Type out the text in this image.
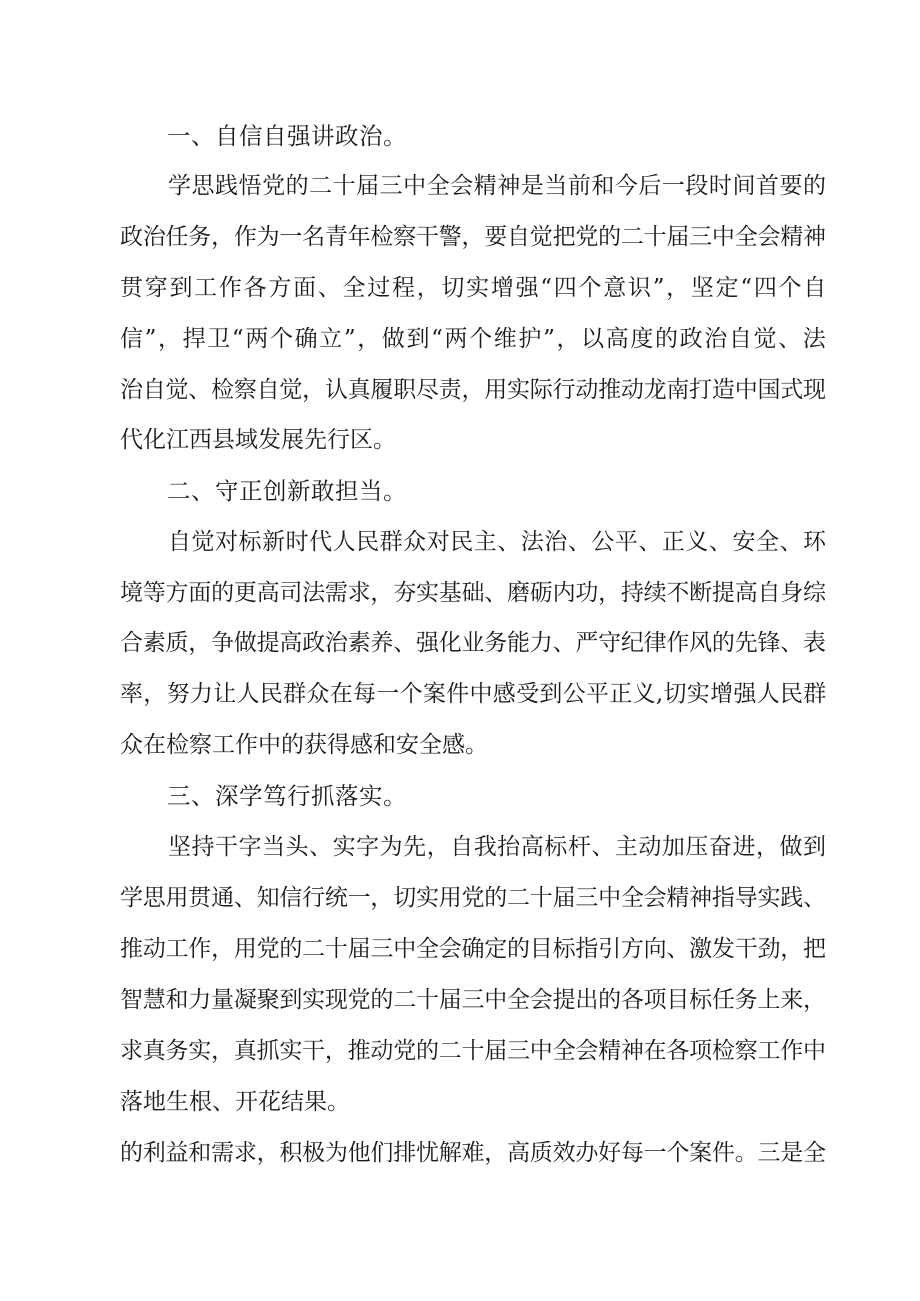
一、自信自强讲政治。
学思践悟党的二十届三中全会精神是当前和今后一段时间首要的
政治任务，作为一名青年检察干警，要自觉把党的二十届三中全会精神
贯穿到工作各方面、全过程，切实增强“四个意识”，坚定“四个自
信”，捍卫“两个确立”，做到“两个维护”，以高度的政治自觉、法
治自觉、检察自觉，认真履职尽责，用实际行动推动龙南打造中国式现
代化江西县域发展先行区。
二、守正创新敢担当。
自觉对标新时代人民群众对民主、法治、公平、正义、安全、环
境等方面的更高司法需求，夯实基础、磨砺内功，持续不断提高自身综
合素质，争做提高政治素养、强化业务能力、严守纪律作风的先锋、表
率，努力让人民群众在每一个案件中感受到公平正义,切实增强人民群
众在检察工作中的获得感和安全感。
三、深学笃行抓落实。
坚持干字当头、实字为先，自我抬高标杆、主动加压奋进，做到
学思用贯通、知信行统一，切实用党的二十届三中全会精神指导实践、
推动工作，用党的二十届三中全会确定的目标指引方向、激发干劲，把
智慧和力量凝聚到实现党的二十届三中全会提出的各项目标任务上来，
求真务实，真抓实干，推动党的二十届三中全会精神在各项检察工作中
落地生根、开花结果。
的利益和需求，积极为他们排忧解难，高质效办好每一个案件。三是全
